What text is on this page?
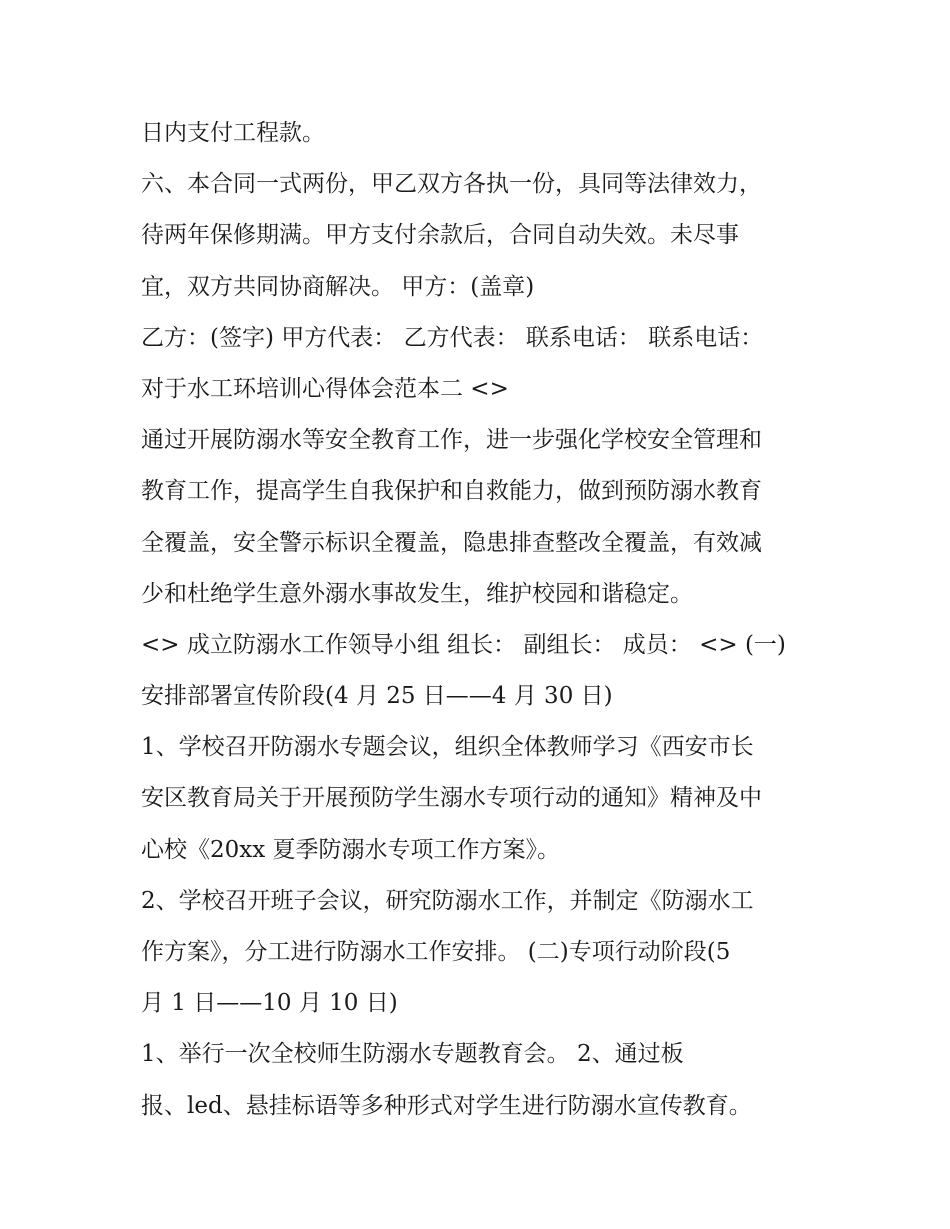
日内支付工程款。
六、本合同一式两份，甲乙双方各执一份，具同等法律效力，
待两年保修期满。甲方支付余款后，合同自动失效。未尽事
宜，双方共同协商解决。 甲方：(盖章)
乙方：(签字) 甲方代表： 乙方代表： 联系电话： 联系电话：
对于水工环培训心得体会范本二 <>
通过开展防溺水等安全教育工作，进一步强化学校安全管理和
教育工作，提高学生自我保护和自救能力，做到预防溺水教育
全覆盖，安全警示标识全覆盖，隐患排查整改全覆盖，有效减
少和杜绝学生意外溺水事故发生，维护校园和谐稳定。
<> 成立防溺水工作领导小组 组长： 副组长： 成员： <> (一)
安排部署宣传阶段(4 月 25 日——4 月 30 日)
1、学校召开防溺水专题会议，组织全体教师学习《西安市长
安区教育局关于开展预防学生溺水专项行动的通知》精神及中
心校《20xx 夏季防溺水专项工作方案》。
2、学校召开班子会议，研究防溺水工作，并制定《防溺水工
作方案》，分工进行防溺水工作安排。 (二)专项行动阶段(5
月 1 日——10 月 10 日)
1、举行一次全校师生防溺水专题教育会。 2、通过板
报、led、悬挂标语等多种形式对学生进行防溺水宣传教育。
